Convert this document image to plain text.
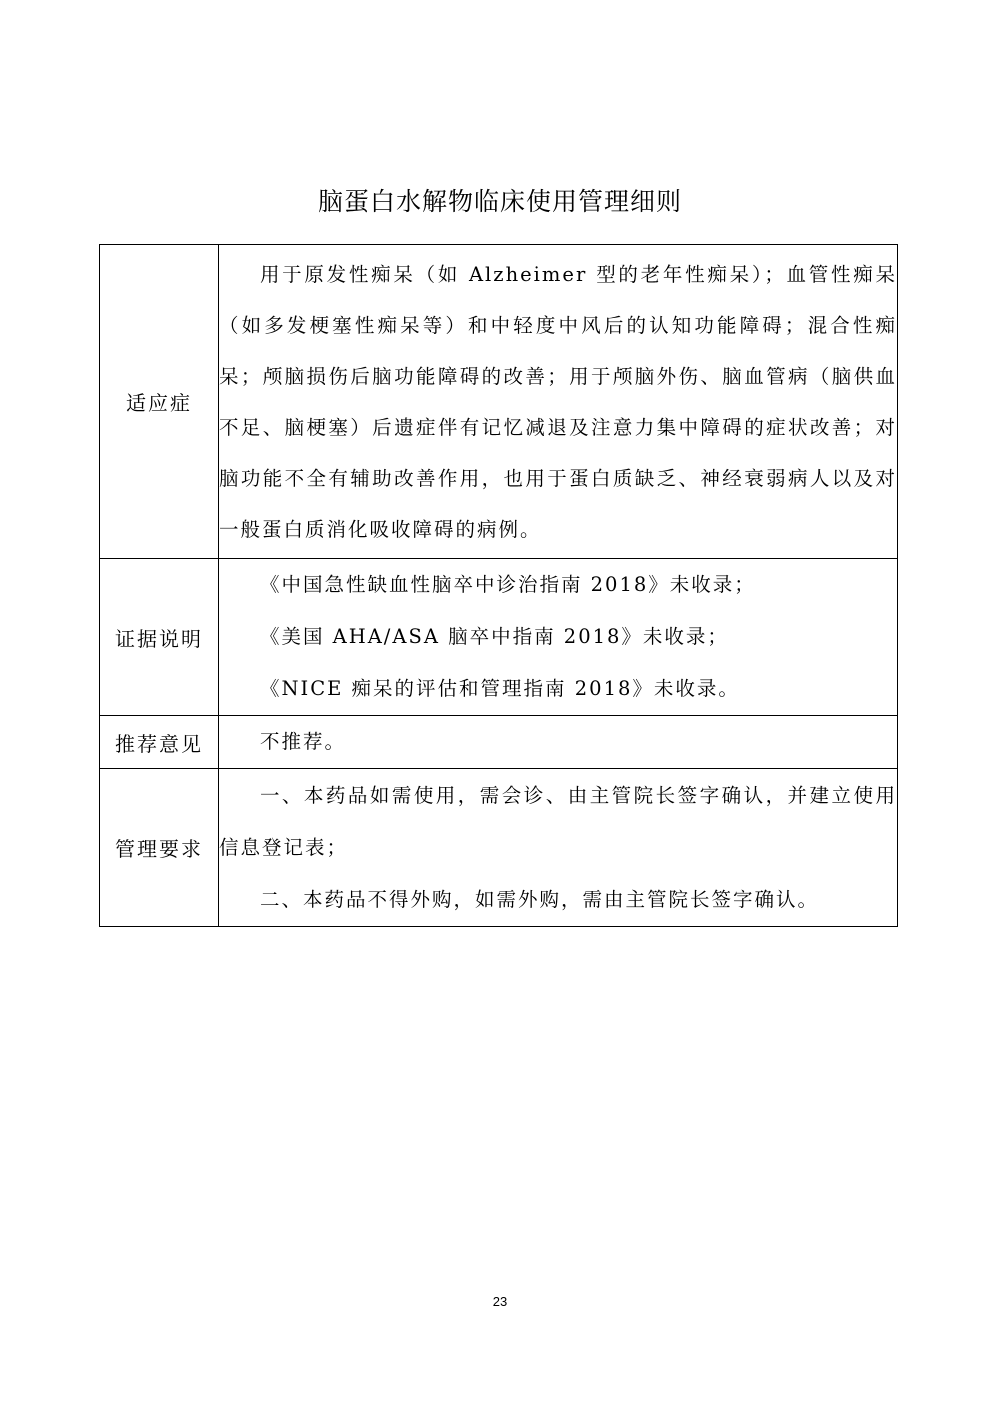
脑蛋白水解物临床使用管理细则
适应症	用于原发性痴呆（如 Alzheimer 型的老年性痴呆）；血管性痴呆（如多发梗塞性痴呆等）和中轻度中风后的认知功能障碍；混合性痴呆；颅脑损伤后脑功能障碍的改善；用于颅脑外伤、脑血管病（脑供血不足、脑梗塞）后遗症伴有记忆减退及注意力集中障碍的症状改善；对脑功能不全有辅助改善作用，也用于蛋白质缺乏、神经衰弱病人以及对一般蛋白质消化吸收障碍的病例。

证据说明	《中国急性缺血性脑卒中诊治指南 2018》未收录；

《美国 AHA/ASA 脑卒中指南 2018》未收录；

《NICE 痴呆的评估和管理指南 2018》未收录。

推荐意见	不推荐。

管理要求	一、本药品如需使用，需会诊、由主管院长签字确认，并建立使用信息登记表；

二、本药品不得外购，如需外购，需由主管院长签字确认。

23
